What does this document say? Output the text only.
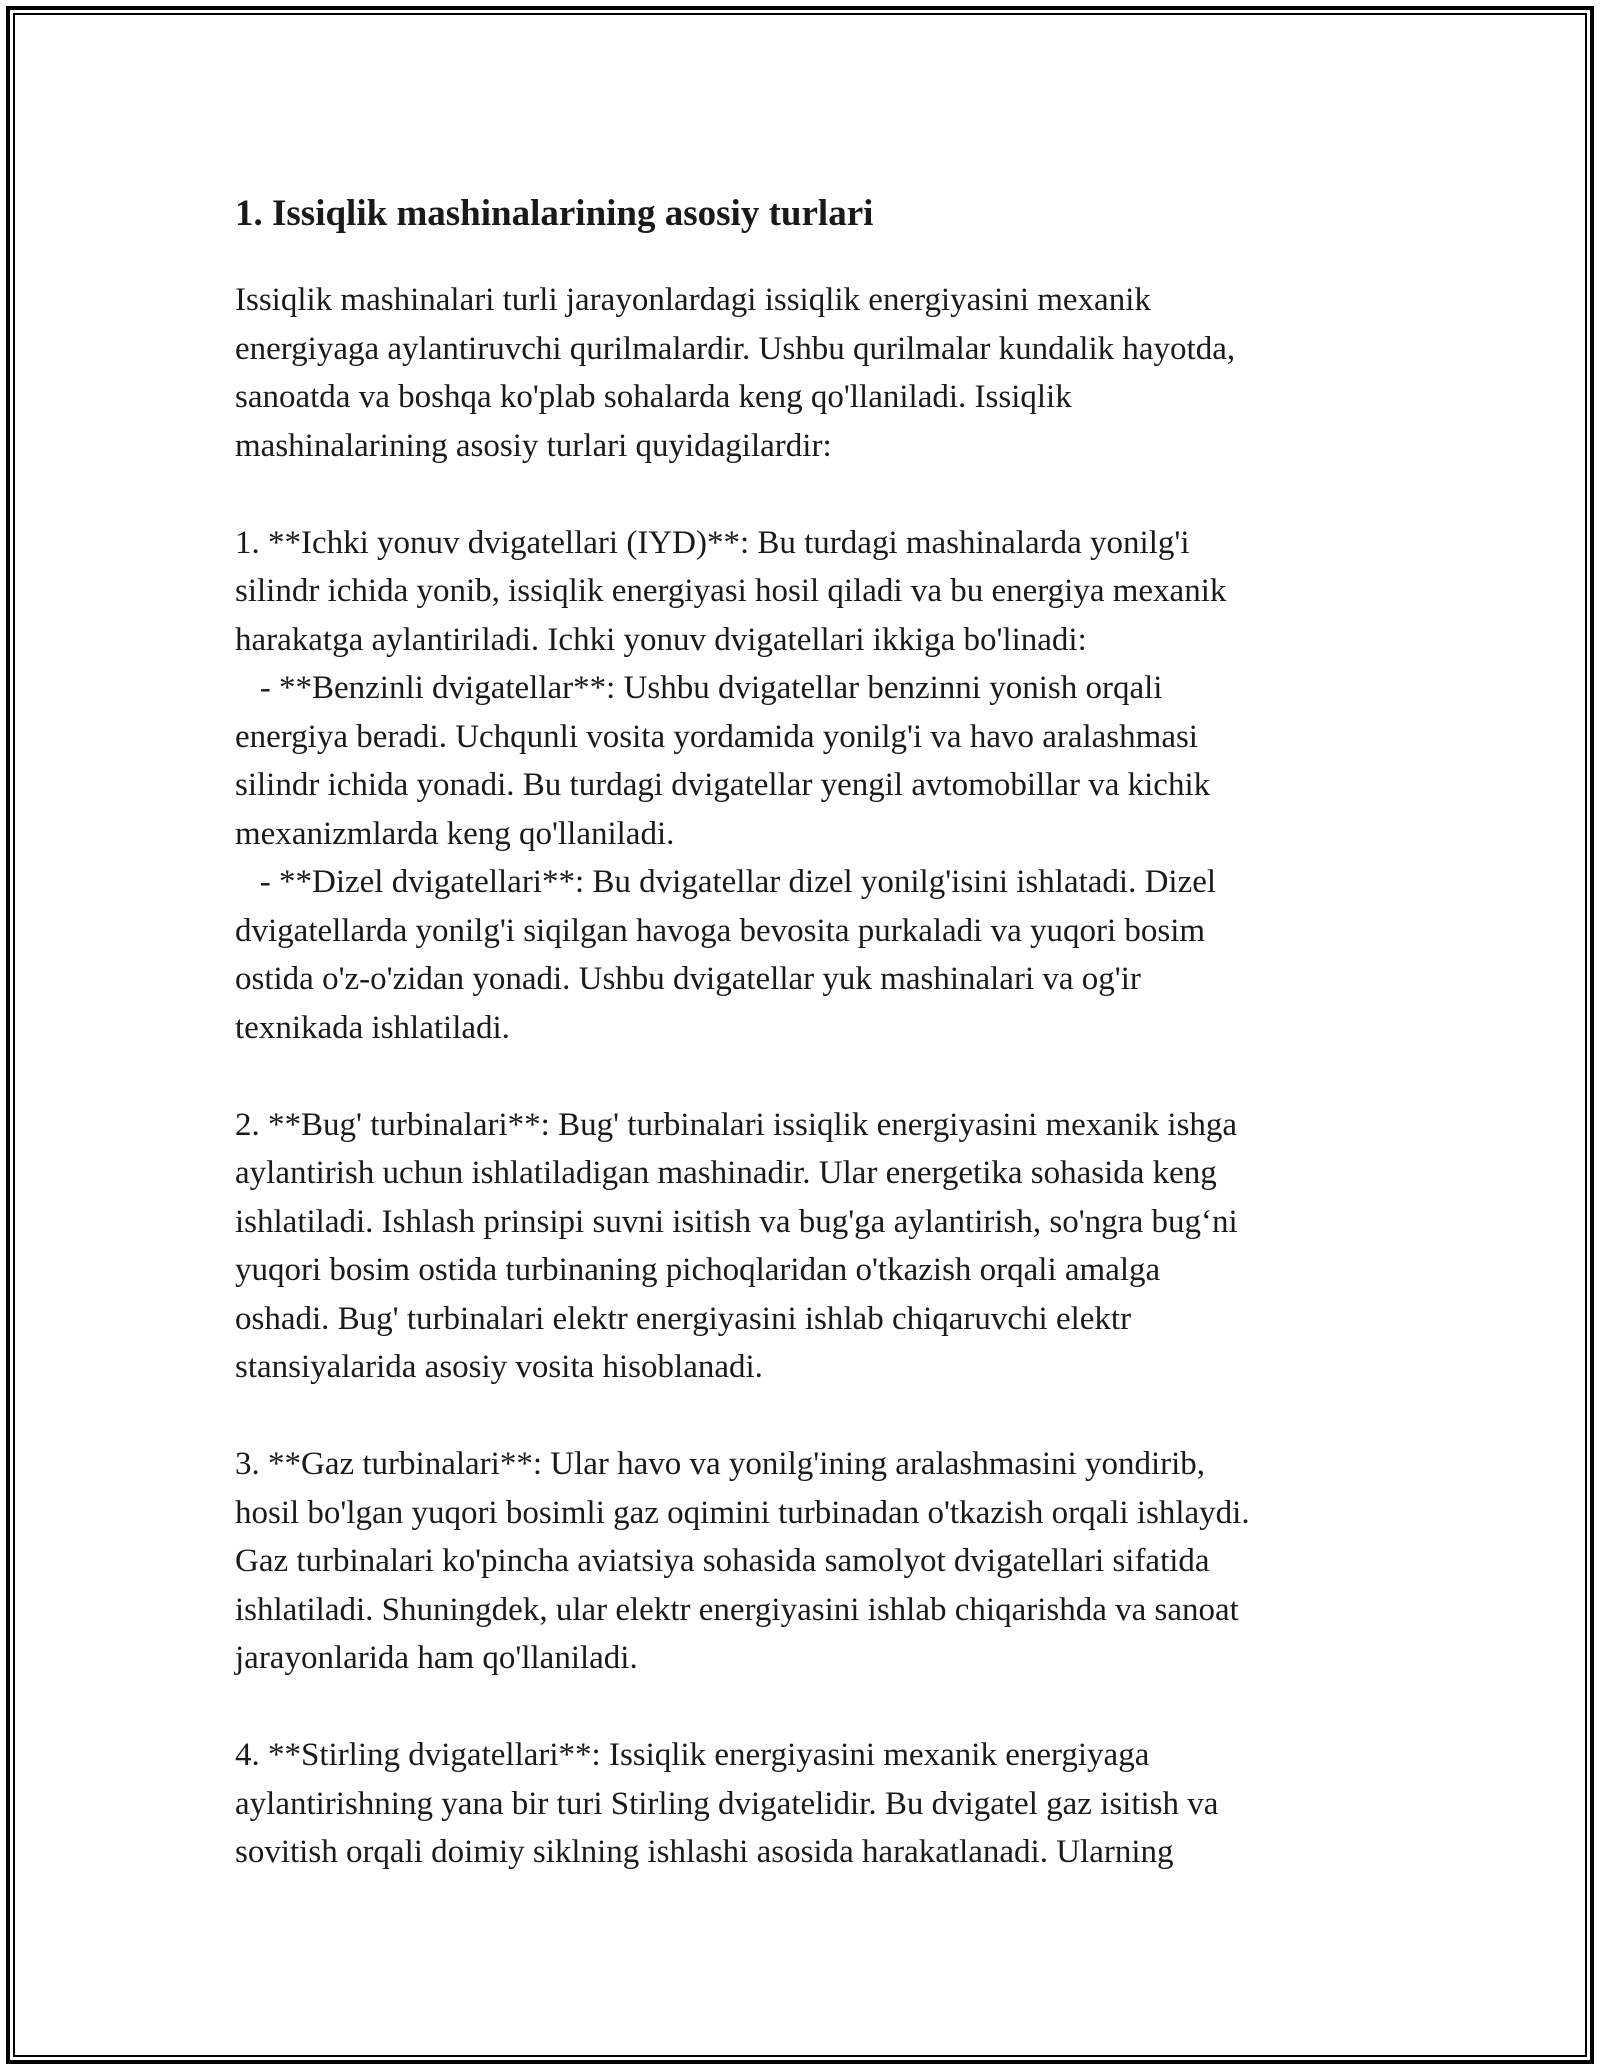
1. Issiqlik mashinalarining asosiy turlari

Issiqlik mashinalari turli jarayonlardagi issiqlik energiyasini mexanik
energiyaga aylantiruvchi qurilmalardir. Ushbu qurilmalar kundalik hayotda,
sanoatda va boshqa ko'plab sohalarda keng qo'llaniladi. Issiqlik
mashinalarining asosiy turlari quyidagilardir:

1. **Ichki yonuv dvigatellari (IYD)**: Bu turdagi mashinalarda yonilg'i
silindr ichida yonib, issiqlik energiyasi hosil qiladi va bu energiya mexanik
harakatga aylantiriladi. Ichki yonuv dvigatellari ikkiga bo'linadi:
- **Benzinli dvigatellar**: Ushbu dvigatellar benzinni yonish orqali
energiya beradi. Uchqunli vosita yordamida yonilg'i va havo aralashmasi
silindr ichida yonadi. Bu turdagi dvigatellar yengil avtomobillar va kichik
mexanizmlarda keng qo'llaniladi.
- **Dizel dvigatellari**: Bu dvigatellar dizel yonilg'isini ishlatadi. Dizel
dvigatellarda yonilg'i siqilgan havoga bevosita purkaladi va yuqori bosim
ostida o'z-o'zidan yonadi. Ushbu dvigatellar yuk mashinalari va og'ir
texnikada ishlatiladi.

2. **Bug' turbinalari**: Bug' turbinalari issiqlik energiyasini mexanik ishga
aylantirish uchun ishlatiladigan mashinadir. Ular energetika sohasida keng
ishlatiladi. Ishlash prinsipi suvni isitish va bug'ga aylantirish, so'ngra bug‘ni
yuqori bosim ostida turbinaning pichoqlaridan o'tkazish orqali amalga
oshadi. Bug' turbinalari elektr energiyasini ishlab chiqaruvchi elektr
stansiyalarida asosiy vosita hisoblanadi.

3. **Gaz turbinalari**: Ular havo va yonilg'ining aralashmasini yondirib,
hosil bo'lgan yuqori bosimli gaz oqimini turbinadan o'tkazish orqali ishlaydi.
Gaz turbinalari ko'pincha aviatsiya sohasida samolyot dvigatellari sifatida
ishlatiladi. Shuningdek, ular elektr energiyasini ishlab chiqarishda va sanoat
jarayonlarida ham qo'llaniladi.

4. **Stirling dvigatellari**: Issiqlik energiyasini mexanik energiyaga
aylantirishning yana bir turi Stirling dvigatelidir. Bu dvigatel gaz isitish va
sovitish orqali doimiy siklning ishlashi asosida harakatlanadi. Ularning
